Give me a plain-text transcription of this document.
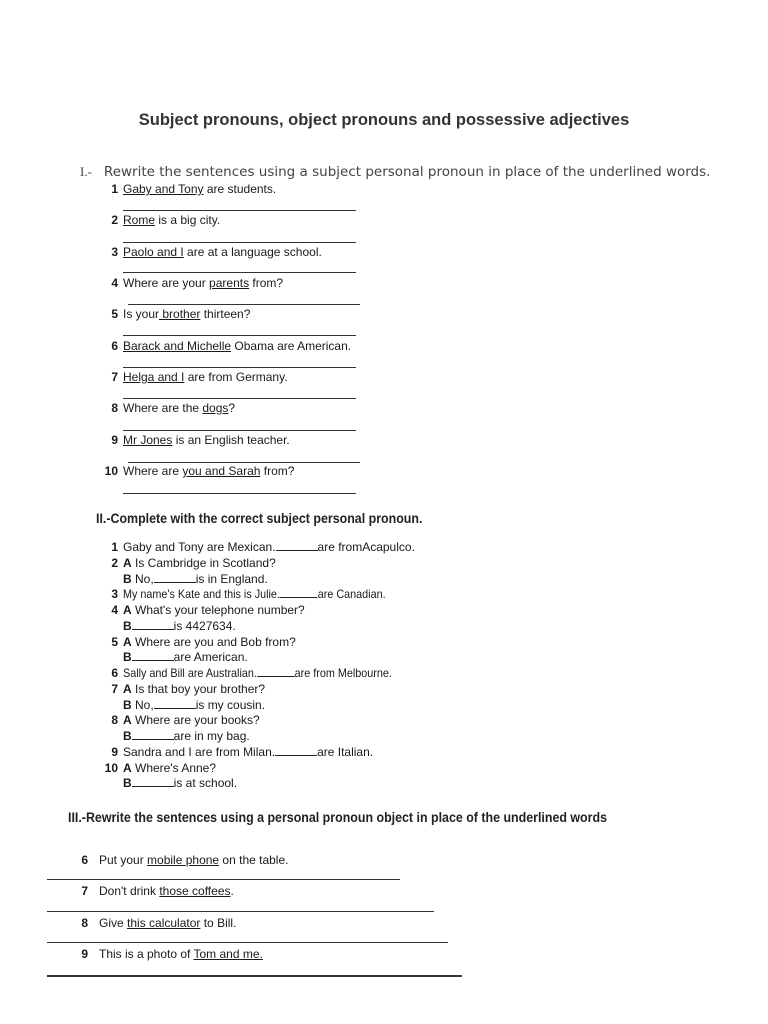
Subject pronouns, object pronouns and possessive adjectives
I.- Rewrite the sentences using a subject personal pronoun in place of the underlined words.
1 Gaby and Tony are students.
2 Rome is a big city.
3 Paolo and I are at a language school.
4 Where are your parents from?
5 Is your brother thirteen?
6 Barack and Michelle Obama are American.
7 Helga and I are from Germany.
8 Where are the dogs?
9 Mr Jones is an English teacher.
10 Where are you and Sarah from?
II.-Complete with the correct subject personal pronoun.
1 Gaby and Tony are Mexican.	are fromAcapulco.
2 A Is Cambridge in Scotland?
B No,	is in England.
3 My name's Kate and this is Julie.	are Canadian.
4 A What's your telephone number?
B	is 4427634.
5 A Where are you and Bob from?
B	are American.
6 Sally and Bill are Australian.	are from Melbourne.
7 A Is that boy your brother?
B No,	is my cousin.
8 A Where are your books?
B	are in my bag.
9 Sandra and I are from Milan.	are Italian.
10 A Where's Anne?
B	is at school.
III.-Rewrite the sentences using a personal pronoun object in place of the underlined words
6 Put your mobile phone on the table.
7 Don't drink those coffees.
8 Give this calculator to Bill.
9 This is a photo of Tom and me.
